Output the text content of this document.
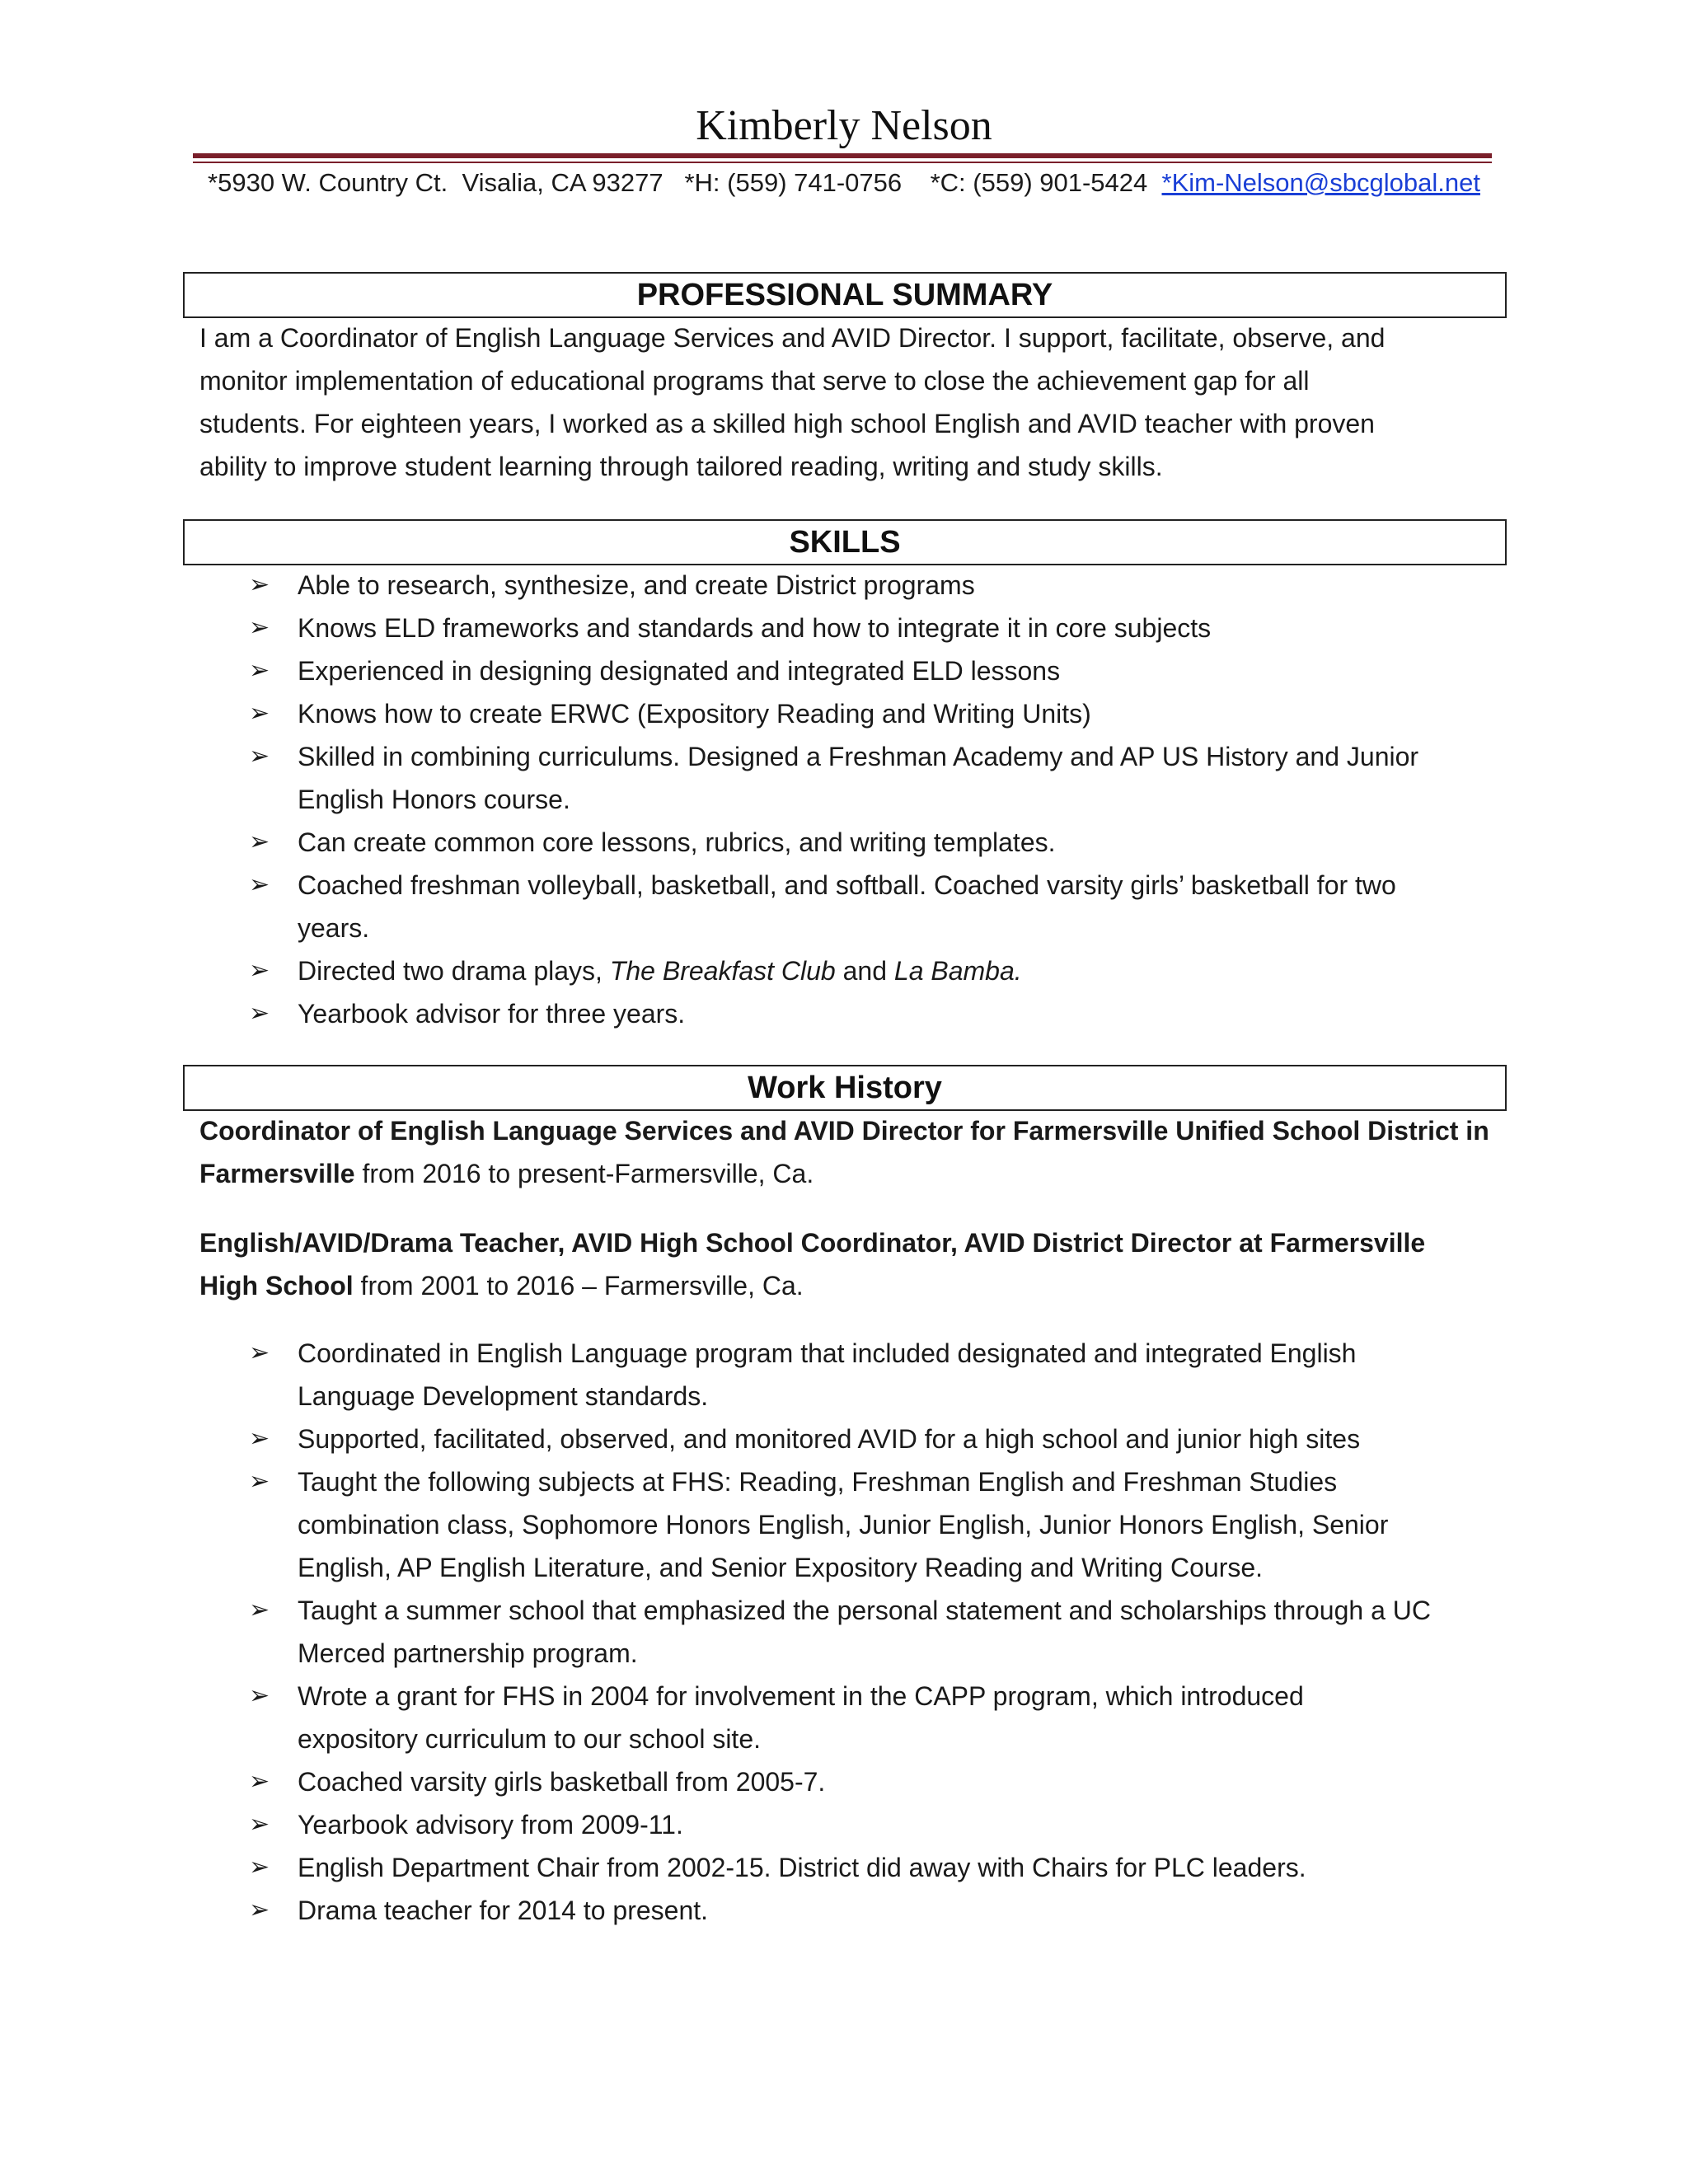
Kimberly Nelson
*5930 W. Country Ct.  Visalia, CA 93277 *H: (559) 741-0756 *C: (559) 901-5424 *Kim-Nelson@sbcglobal.net
PROFESSIONAL SUMMARY
I am a Coordinator of English Language Services and AVID Director. I support, facilitate, observe, and
monitor implementation of educational programs that serve to close the achievement gap for all
students. For eighteen years, I worked as a skilled high school English and AVID teacher with proven
ability to improve student learning through tailored reading, writing and study skills.
SKILLS
➢ Able to research, synthesize, and create District programs
➢ Knows ELD frameworks and standards and how to integrate it in core subjects
➢ Experienced in designing designated and integrated ELD lessons
➢ Knows how to create ERWC (Expository Reading and Writing Units)
➢ Skilled in combining curriculums. Designed a Freshman Academy and AP US History and Junior
English Honors course.
➢ Can create common core lessons, rubrics, and writing templates.
➢ Coached freshman volleyball, basketball, and softball. Coached varsity girls’ basketball for two
years.
➢ Directed two drama plays, The Breakfast Club and La Bamba.
➢ Yearbook advisor for three years.
Work History
Coordinator of English Language Services and AVID Director for Farmersville Unified School District in
Farmersville from 2016 to present-Farmersville, Ca.
English/AVID/Drama Teacher, AVID High School Coordinator, AVID District Director at Farmersville
High School from 2001 to 2016 – Farmersville, Ca.
➢ Coordinated in English Language program that included designated and integrated English
Language Development standards.
➢ Supported, facilitated, observed, and monitored AVID for a high school and junior high sites
➢ Taught the following subjects at FHS: Reading, Freshman English and Freshman Studies
combination class, Sophomore Honors English, Junior English, Junior Honors English, Senior
English, AP English Literature, and Senior Expository Reading and Writing Course.
➢ Taught a summer school that emphasized the personal statement and scholarships through a UC
Merced partnership program.
➢ Wrote a grant for FHS in 2004 for involvement in the CAPP program, which introduced
expository curriculum to our school site.
➢ Coached varsity girls basketball from 2005-7.
➢ Yearbook advisory from 2009-11.
➢ English Department Chair from 2002-15. District did away with Chairs for PLC leaders.
➢ Drama teacher for 2014 to present.
